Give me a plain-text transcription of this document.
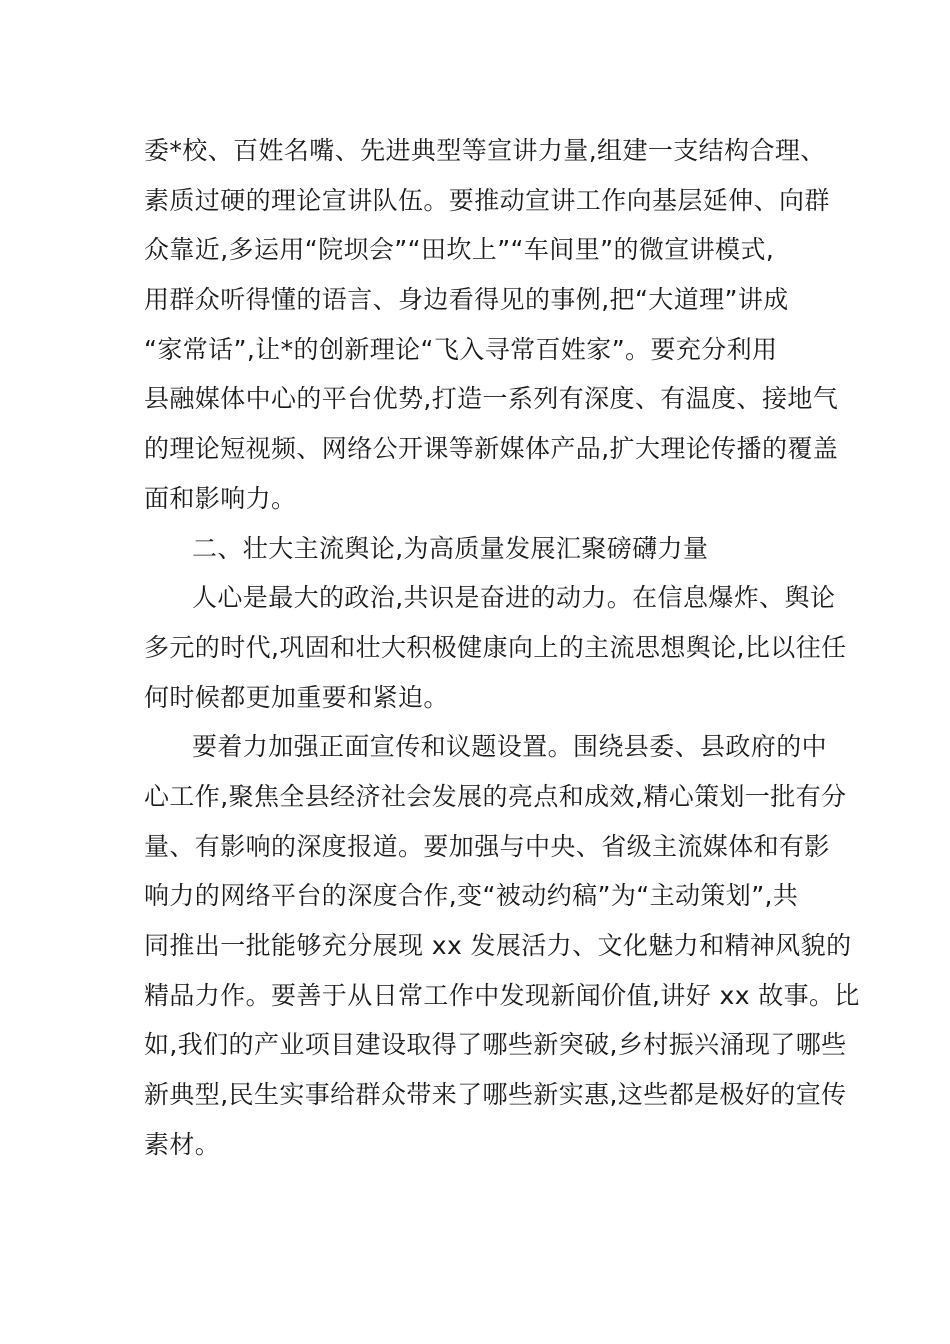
委*校、百姓名嘴、先进典型等宣讲力量,组建一支结构合理、
素质过硬的理论宣讲队伍。要推动宣讲工作向基层延伸、向群
众靠近,多运用“院坝会”“田坎上”“车间里”的微宣讲模式,
用群众听得懂的语言、身边看得见的事例,把“大道理”讲成
“家常话”,让*的创新理论“飞入寻常百姓家”。要充分利用
县融媒体中心的平台优势,打造一系列有深度、有温度、接地气
的理论短视频、网络公开课等新媒体产品,扩大理论传播的覆盖
面和影响力。
二、壮大主流舆论,为高质量发展汇聚磅礴力量
人心是最大的政治,共识是奋进的动力。在信息爆炸、舆论
多元的时代,巩固和壮大积极健康向上的主流思想舆论,比以往任
何时候都更加重要和紧迫。
要着力加强正面宣传和议题设置。围绕县委、县政府的中
心工作,聚焦全县经济社会发展的亮点和成效,精心策划一批有分
量、有影响的深度报道。要加强与中央、省级主流媒体和有影
响力的网络平台的深度合作,变“被动约稿”为“主动策划”,共
同推出一批能够充分展现 xx 发展活力、文化魅力和精神风貌的
精品力作。要善于从日常工作中发现新闻价值,讲好 xx 故事。比
如,我们的产业项目建设取得了哪些新突破,乡村振兴涌现了哪些
新典型,民生实事给群众带来了哪些新实惠,这些都是极好的宣传
素材。
